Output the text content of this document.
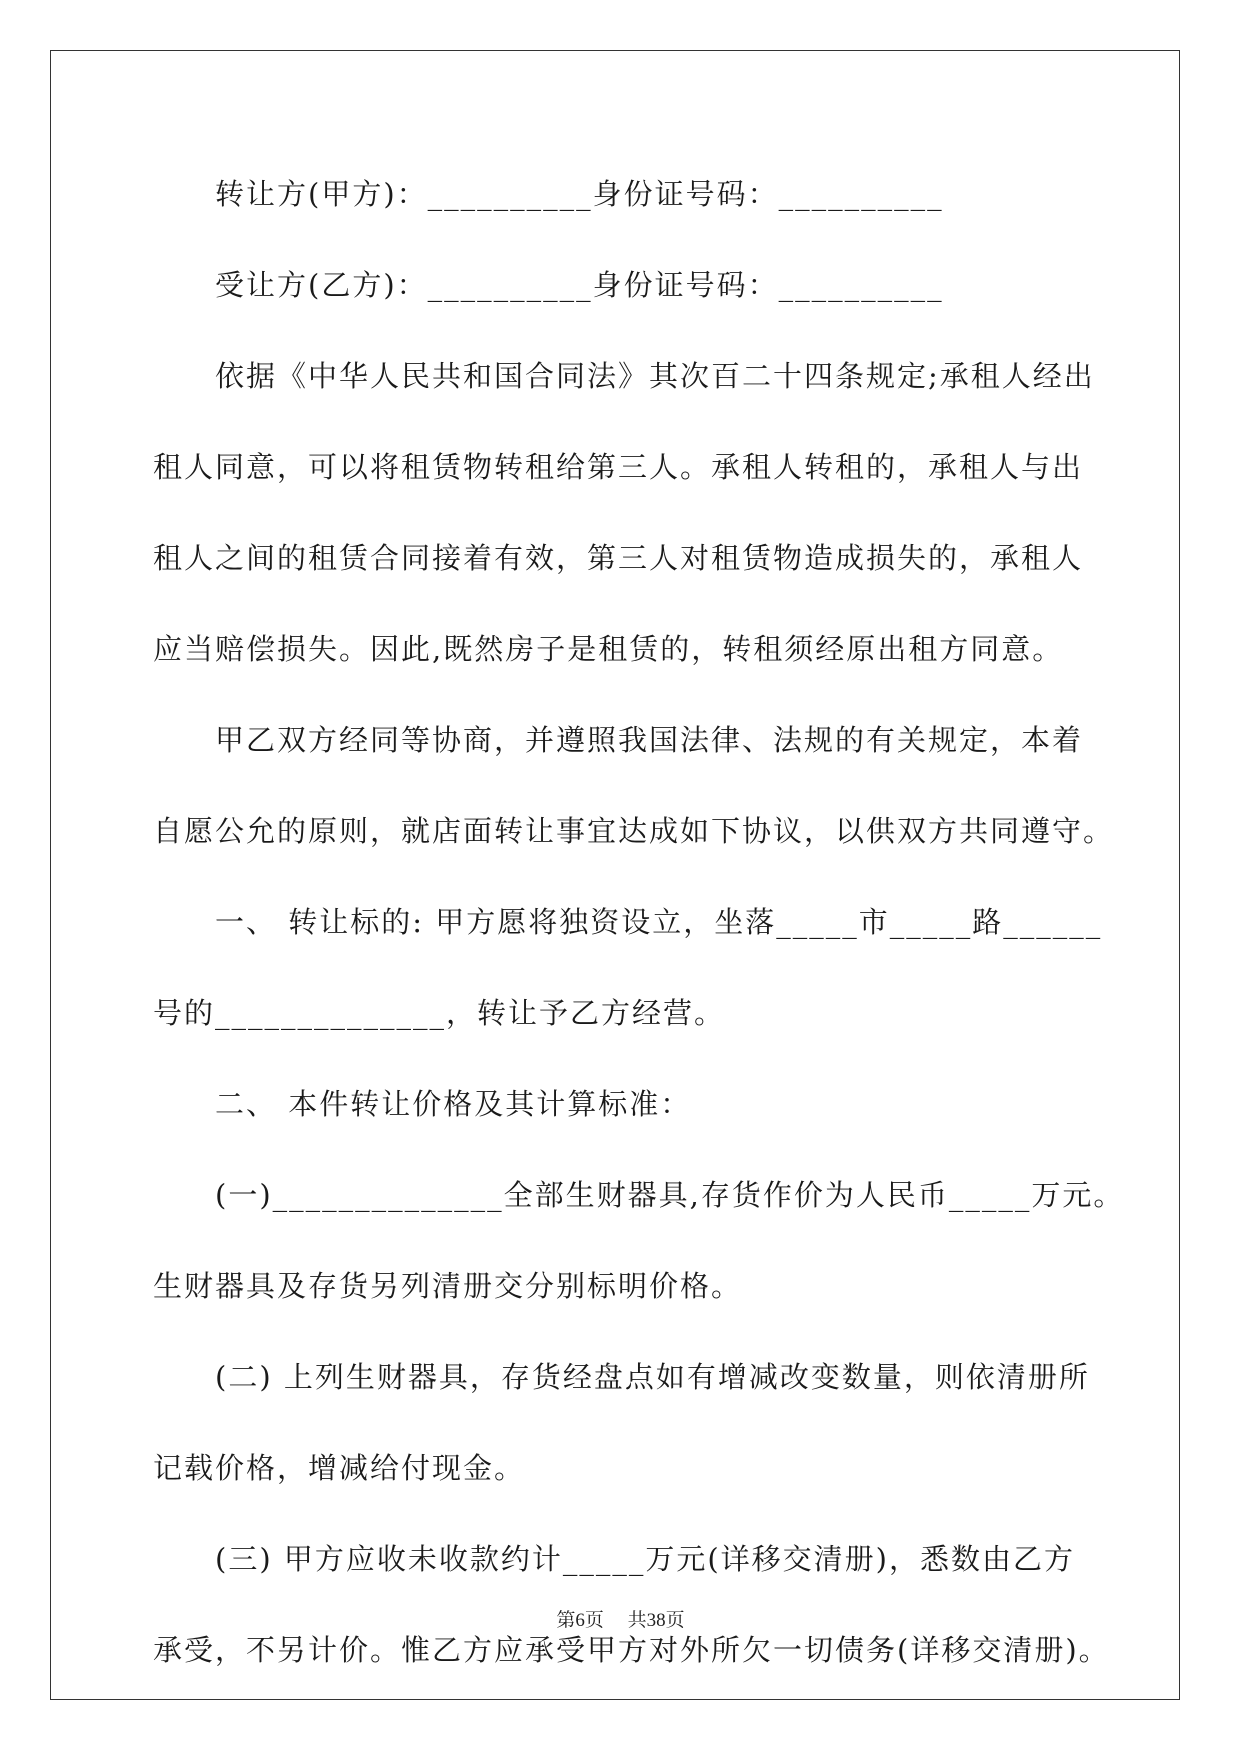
转让方(甲方)：__________身份证号码：__________
受让方(乙方)：__________身份证号码：__________
依据《中华人民共和国合同法》其次百二十四条规定;承租人经出
租人同意，可以将租赁物转租给第三人。承租人转租的，承租人与出
租人之间的租赁合同接着有效，第三人对租赁物造成损失的，承租人
应当赔偿损失。因此,既然房子是租赁的，转租须经原出租方同意。
甲乙双方经同等协商，并遵照我国法律、法规的有关规定，本着
自愿公允的原则，就店面转让事宜达成如下协议，以供双方共同遵守。
一、 转让标的: 甲方愿将独资设立，坐落_____市_____路______
号的______________，转让予乙方经营。
二、 本件转让价格及其计算标准：
(一)______________全部生财器具,存货作价为人民币_____万元。
生财器具及存货另列清册交分别标明价格。
(二) 上列生财器具，存货经盘点如有增减改变数量，则依清册所
记载价格，增减给付现金。
(三) 甲方应收未收款约计_____万元(详移交清册)，悉数由乙方
承受，不另计价。惟乙方应承受甲方对外所欠一切债务(详移交清册)。
第6页 共38页
